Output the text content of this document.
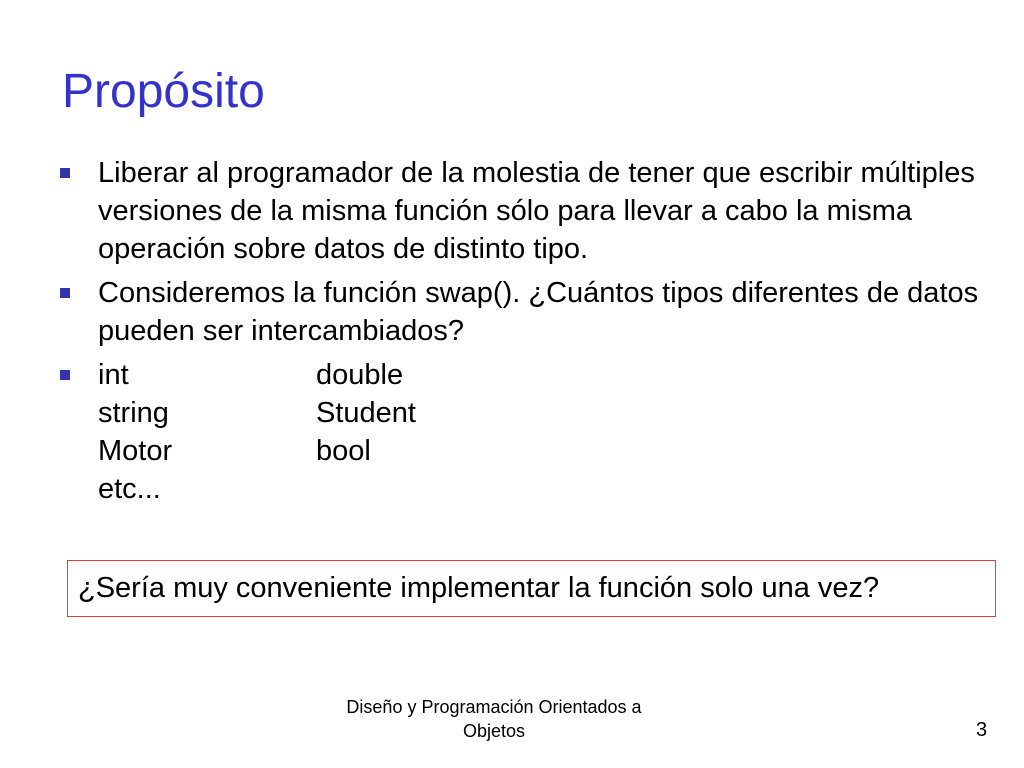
Propósito
Liberar al programador de la molestia de tener que escribir múltiples versiones de la misma función sólo para llevar a cabo la misma operación sobre datos de distinto tipo.
Consideremos la función swap(). ¿Cuántos tipos diferentes de datos pueden ser intercambiados?
int	double
string	Student
Motor	bool
etc...
¿Sería muy conveniente implementar la función solo una vez?
Diseño y Programación Orientados a
Objetos	3
